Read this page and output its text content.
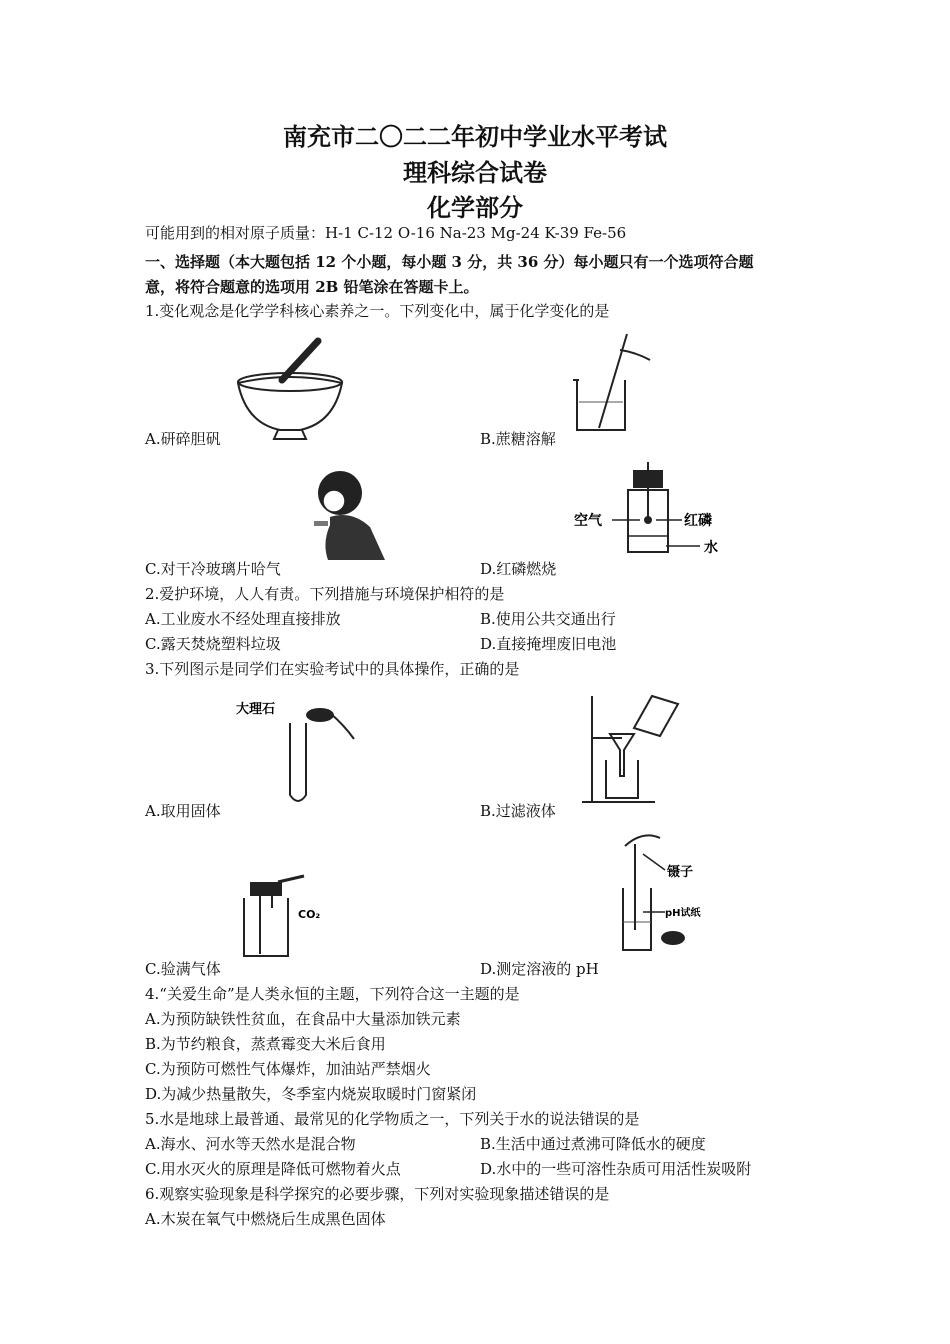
南充市二〇二二年初中学业水平考试
理科综合试卷
化学部分
可能用到的相对原子质量：H-1 C-12 O-16 Na-23 Mg-24 K-39 Fe-56
一、选择题（本大题包括 12 个小题，每小题 3 分，共 36 分）每小题只有一个选项符合题
意，将符合题意的选项用 2B 铅笔涂在答题卡上。
1.变化观念是化学学科核心素养之一。下列变化中，属于化学变化的是
A.研碎胆矾	B.蔗糖溶解
C.对干冷玻璃片哈气
空气	红磷
水
D.红磷燃烧
2.爱护环境，人人有责。下列措施与环境保护相符的是
A.工业废水不经处理直接排放	B.使用公共交通出行
C.露天焚烧塑料垃圾	D.直接掩埋废旧电池
3.下列图示是同学们在实验考试中的具体操作，正确的是
大理石
A.取用固体	B.过滤液体
CO₂
C.验满气体
镊子
pH试纸
D.测定溶液的 pH
4.“关爱生命”是人类永恒的主题，下列符合这一主题的是
A.为预防缺铁性贫血，在食品中大量添加铁元素
B.为节约粮食，蒸煮霉变大米后食用
C.为预防可燃性气体爆炸，加油站严禁烟火
D.为减少热量散失，冬季室内烧炭取暖时门窗紧闭
5.水是地球上最普通、最常见的化学物质之一，下列关于水的说法错误的是
A.海水、河水等天然水是混合物	B.生活中通过煮沸可降低水的硬度
C.用水灭火的原理是降低可燃物着火点	D.水中的一些可溶性杂质可用活性炭吸附
6.观察实验现象是科学探究的必要步骤，下列对实验现象描述错误的是
A.木炭在氧气中燃烧后生成黑色固体
